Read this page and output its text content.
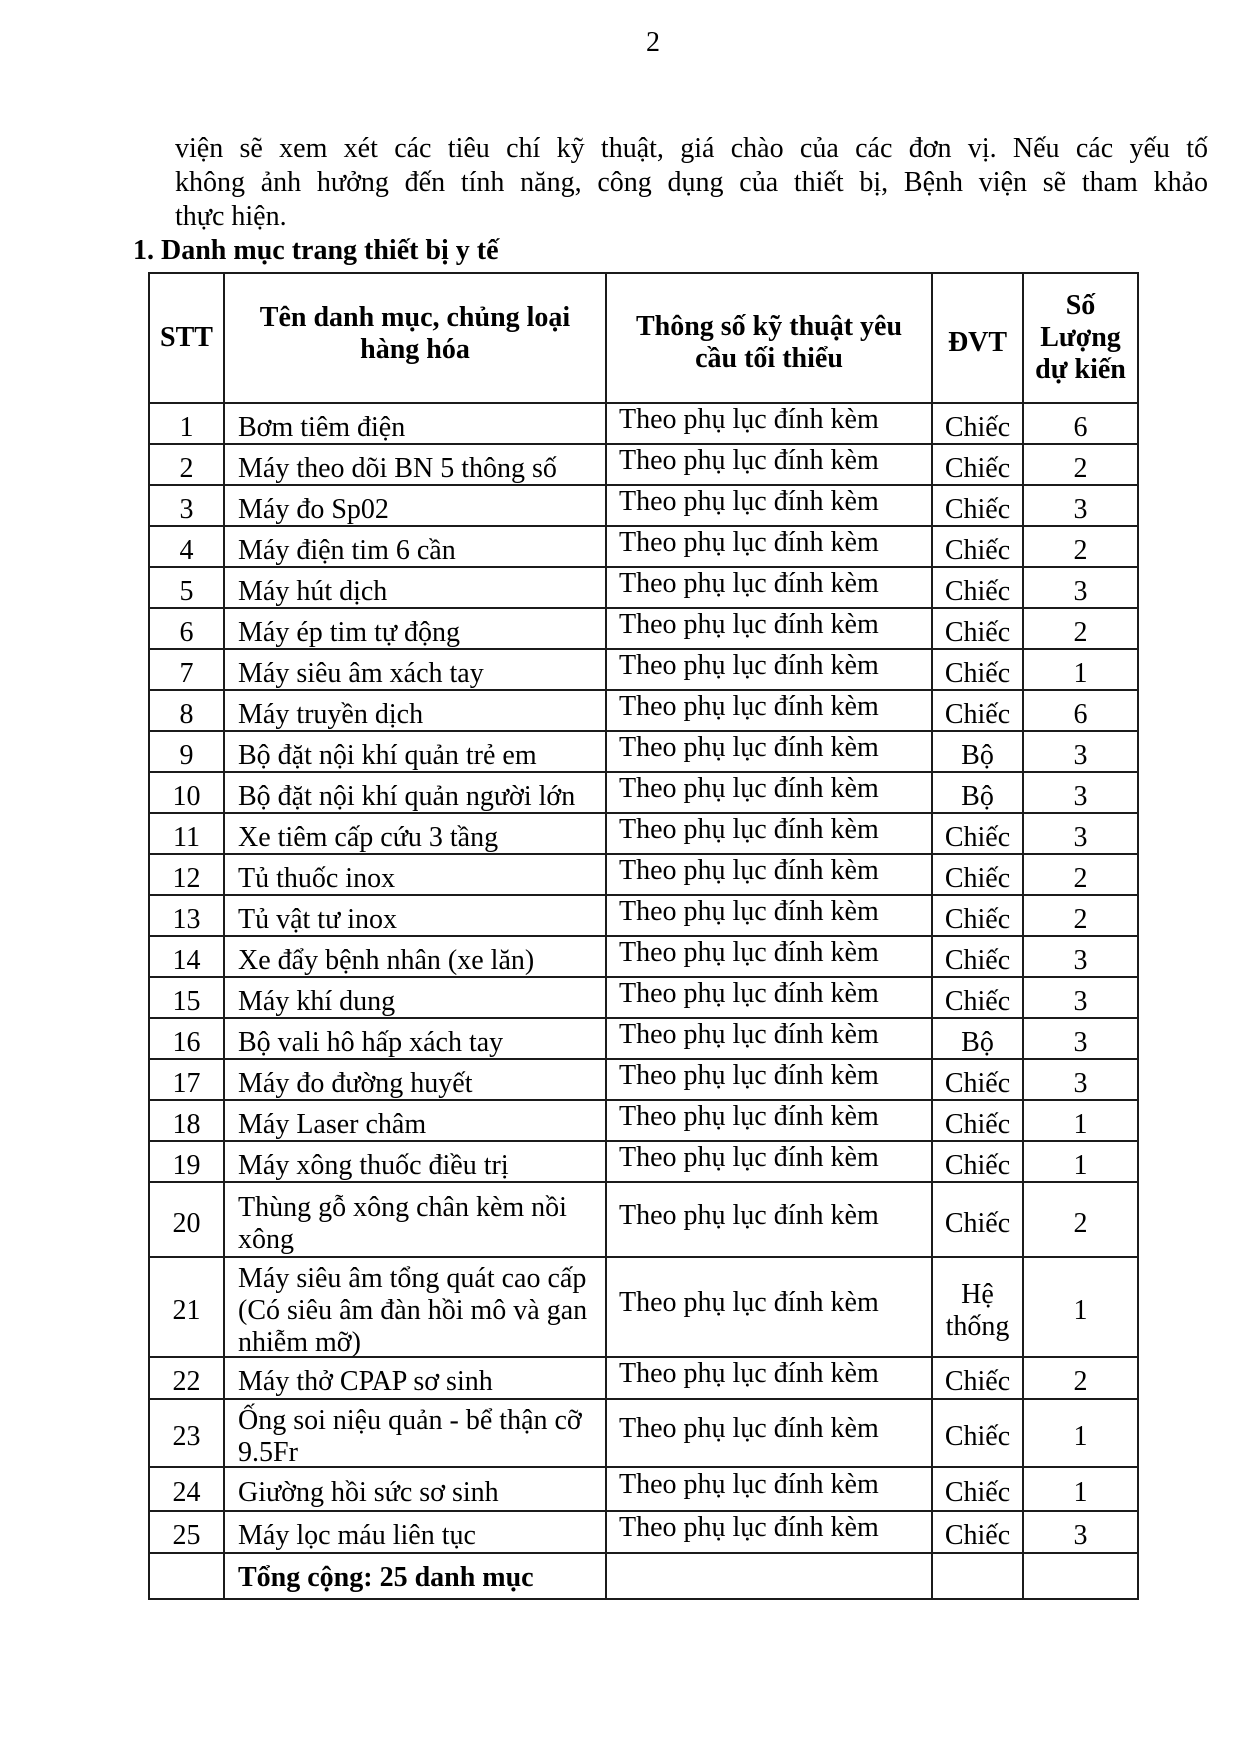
2
viện sẽ xem xét các tiêu chí kỹ thuật, giá chào của các đơn vị. Nếu các yếu tố
không ảnh hưởng đến tính năng, công dụng của thiết bị, Bệnh viện sẽ tham khảo
thực hiện.
1. Danh mục trang thiết bị y tế
STT	Tên danh mục, chủng loại hàng hóa	Thông số kỹ thuật yêu cầu tối thiểu	ĐVT	Số Lượng dự kiến
1	Bơm tiêm điện	Theo phụ lục đính kèm	Chiếc	6
2	Máy theo dõi BN 5 thông số	Theo phụ lục đính kèm	Chiếc	2
3	Máy đo Sp02	Theo phụ lục đính kèm	Chiếc	3
4	Máy điện tim 6 cần	Theo phụ lục đính kèm	Chiếc	2
5	Máy hút dịch	Theo phụ lục đính kèm	Chiếc	3
6	Máy ép tim tự động	Theo phụ lục đính kèm	Chiếc	2
7	Máy siêu âm xách tay	Theo phụ lục đính kèm	Chiếc	1
8	Máy truyền dịch	Theo phụ lục đính kèm	Chiếc	6
9	Bộ đặt nội khí quản trẻ em	Theo phụ lục đính kèm	Bộ	3
10	Bộ đặt nội khí quản người lớn	Theo phụ lục đính kèm	Bộ	3
11	Xe tiêm cấp cứu 3 tầng	Theo phụ lục đính kèm	Chiếc	3
12	Tủ thuốc inox	Theo phụ lục đính kèm	Chiếc	2
13	Tủ vật tư inox	Theo phụ lục đính kèm	Chiếc	2
14	Xe đẩy bệnh nhân (xe lăn)	Theo phụ lục đính kèm	Chiếc	3
15	Máy khí dung	Theo phụ lục đính kèm	Chiếc	3
16	Bộ vali hô hấp xách tay	Theo phụ lục đính kèm	Bộ	3
17	Máy đo đường huyết	Theo phụ lục đính kèm	Chiếc	3
18	Máy Laser châm	Theo phụ lục đính kèm	Chiếc	1
19	Máy xông thuốc điều trị	Theo phụ lục đính kèm	Chiếc	1
20	Thùng gỗ xông chân kèm nồi xông	Theo phụ lục đính kèm	Chiếc	2
21	Máy siêu âm tổng quát cao cấp (Có siêu âm đàn hồi mô và gan nhiễm mỡ)	Theo phụ lục đính kèm	Hệ thống	1
22	Máy thở CPAP sơ sinh	Theo phụ lục đính kèm	Chiếc	2
23	Ống soi niệu quản - bể thận cỡ 9.5Fr	Theo phụ lục đính kèm	Chiếc	1
24	Giường hồi sức sơ sinh	Theo phụ lục đính kèm	Chiếc	1
25	Máy lọc máu liên tục	Theo phụ lục đính kèm	Chiếc	3
	Tổng cộng: 25 danh mục			
